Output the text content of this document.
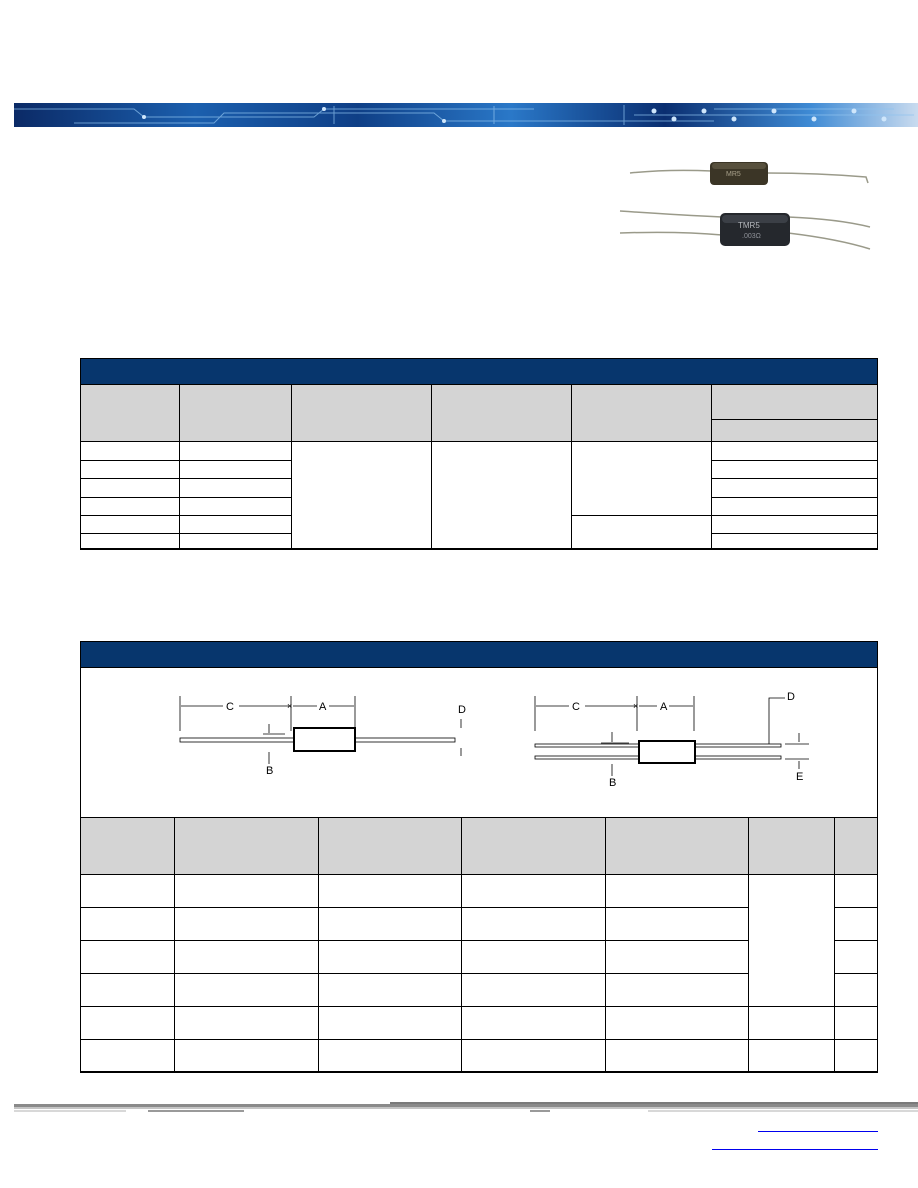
MR5
TMR5
.003Ω
C	A
×
B
D	C	A
×
B
D
E
